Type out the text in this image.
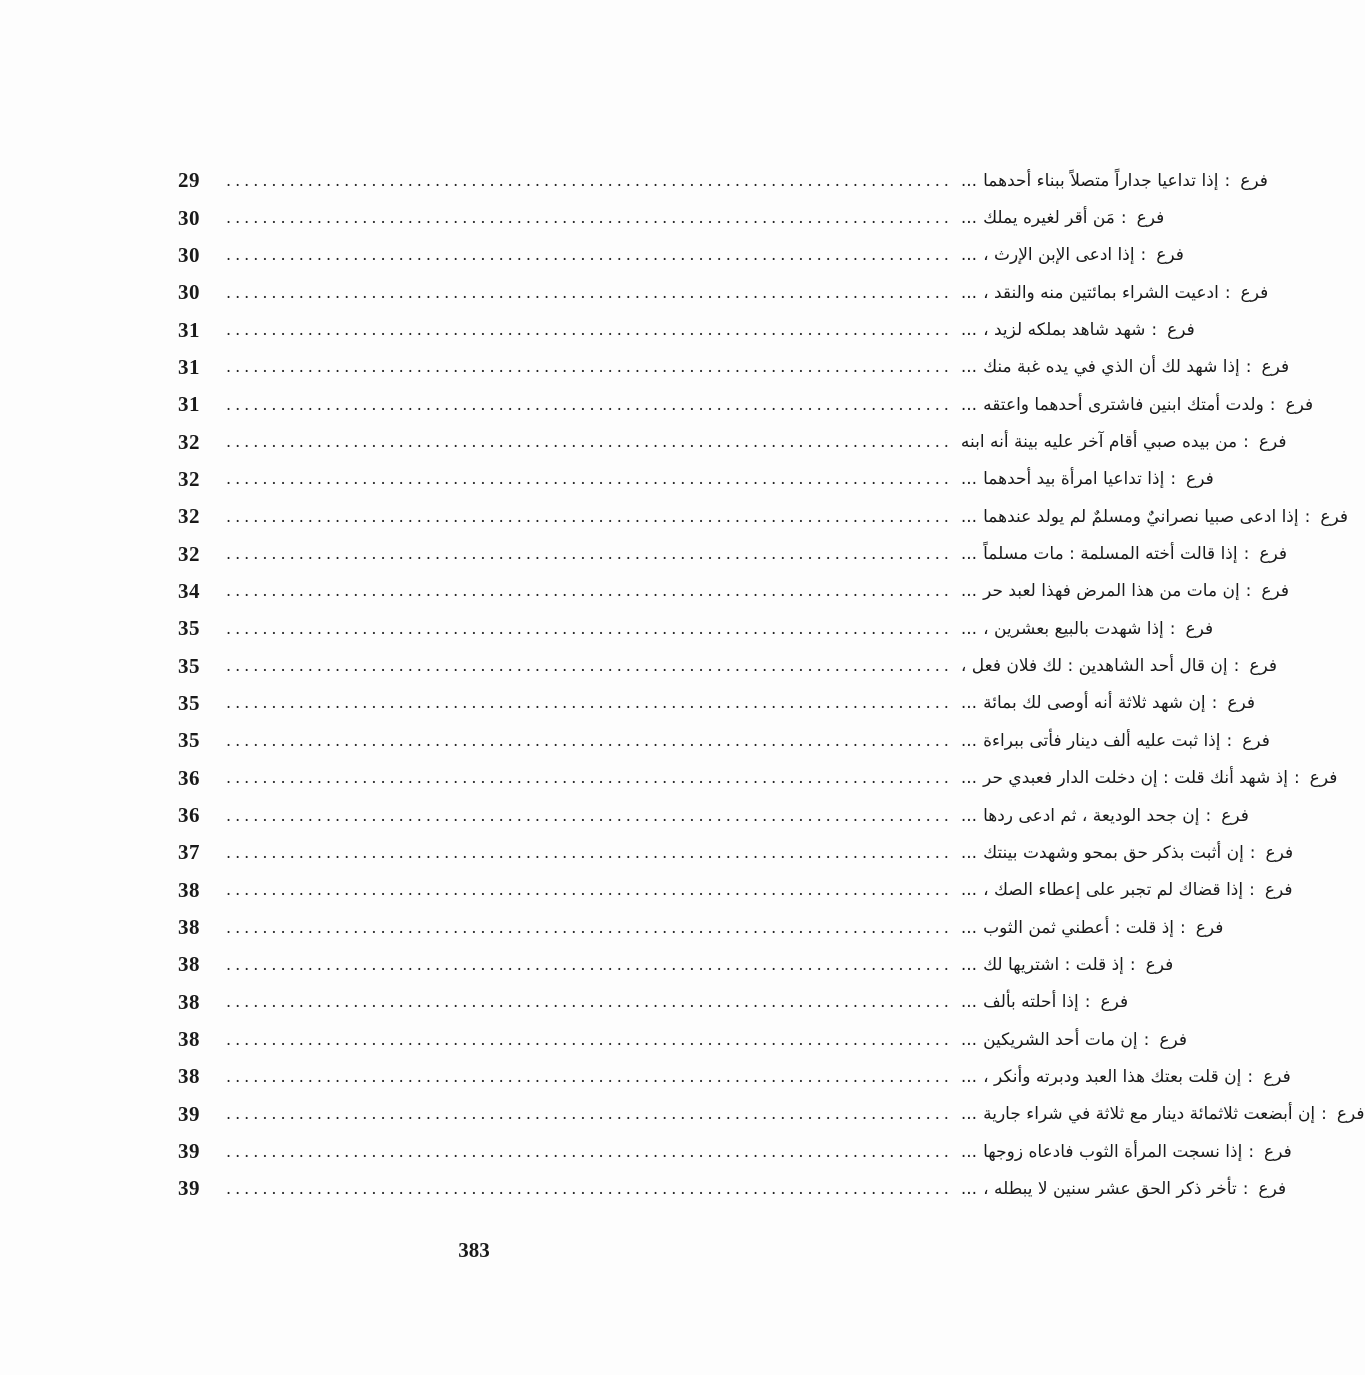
29	................................................................................	فرع
:
إذا تداعيا جداراً متصلاً ببناء أحدهما
...
30	................................................................................	فرع
:
مَن أقر لغيره يملك
...
30	................................................................................	فرع
:
إذا ادعى الإبن الإرث ،
...
30	................................................................................	فرع
:
ادعيت الشراء بمائتين منه والنقد ،
...
31	................................................................................	فرع
:
شهد شاهد بملكه لزيد ،
...
31	................................................................................	فرع
:
إذا شهد لك أن الذي في يده غبة منك
...
31	................................................................................	فرع
:
ولدت أمتك ابنين فاشترى أحدهما واعتقه
...
32	................................................................................	فرع
:
من بيده صبي أقام آخر عليه بينة أنه ابنه
32	................................................................................	فرع
:
إذا تداعيا امرأة بيد أحدهما
...
32	................................................................................	فرع
:
إذا ادعى صبيا نصرانيٌ ومسلمٌ لم يولد عندهما
...
32	................................................................................	فرع
:
إذا قالت أخته المسلمة : مات مسلماً
...
34	................................................................................	فرع
:
إن مات من هذا المرض فهذا لعبد حر
...
35	................................................................................	فرع
:
إذا شهدت بالبيع بعشرين ،
...
35	................................................................................	فرع
:
إن قال أحد الشاهدين : لك فلان فعل ،
35	................................................................................	فرع
:
إن شهد ثلاثة أنه أوصى لك بمائة
...
35	................................................................................	فرع
:
إذا ثبت عليه ألف دينار فأتى ببراءة
...
36	................................................................................	فرع
:
إذ شهد أنك قلت : إن دخلت الدار فعبدي حر
...
36	................................................................................	فرع
:
إن جحد الوديعة ، ثم ادعى ردها
...
37	................................................................................	فرع
:
إن أثبت بذكر حق بمحو وشهدت بينتك
...
38	................................................................................	فرع
:
إذا قضاك لم تجبر على إعطاء الصك ،
...
38	................................................................................	فرع
:
إذ قلت : أعطني ثمن الثوب
...
38	................................................................................	فرع
:
إذ قلت : اشتريها لك
...
38	................................................................................	فرع
:
إذا أحلته بألف
...
38	................................................................................	فرع
:
إن مات أحد الشريكين
...
38	................................................................................	فرع
:
إن قلت بعتك هذا العبد ودبرته وأنكر ،
...
39	................................................................................	فرع
:
إن أبضعت ثلاثمائة دينار مع ثلاثة في شراء جارية
...
39	................................................................................	فرع
:
إذا نسجت المرأة الثوب فادعاه زوجها
...
39	................................................................................	فرع
:
تأخر ذكر الحق عشر سنين لا يبطله ،
...
383
